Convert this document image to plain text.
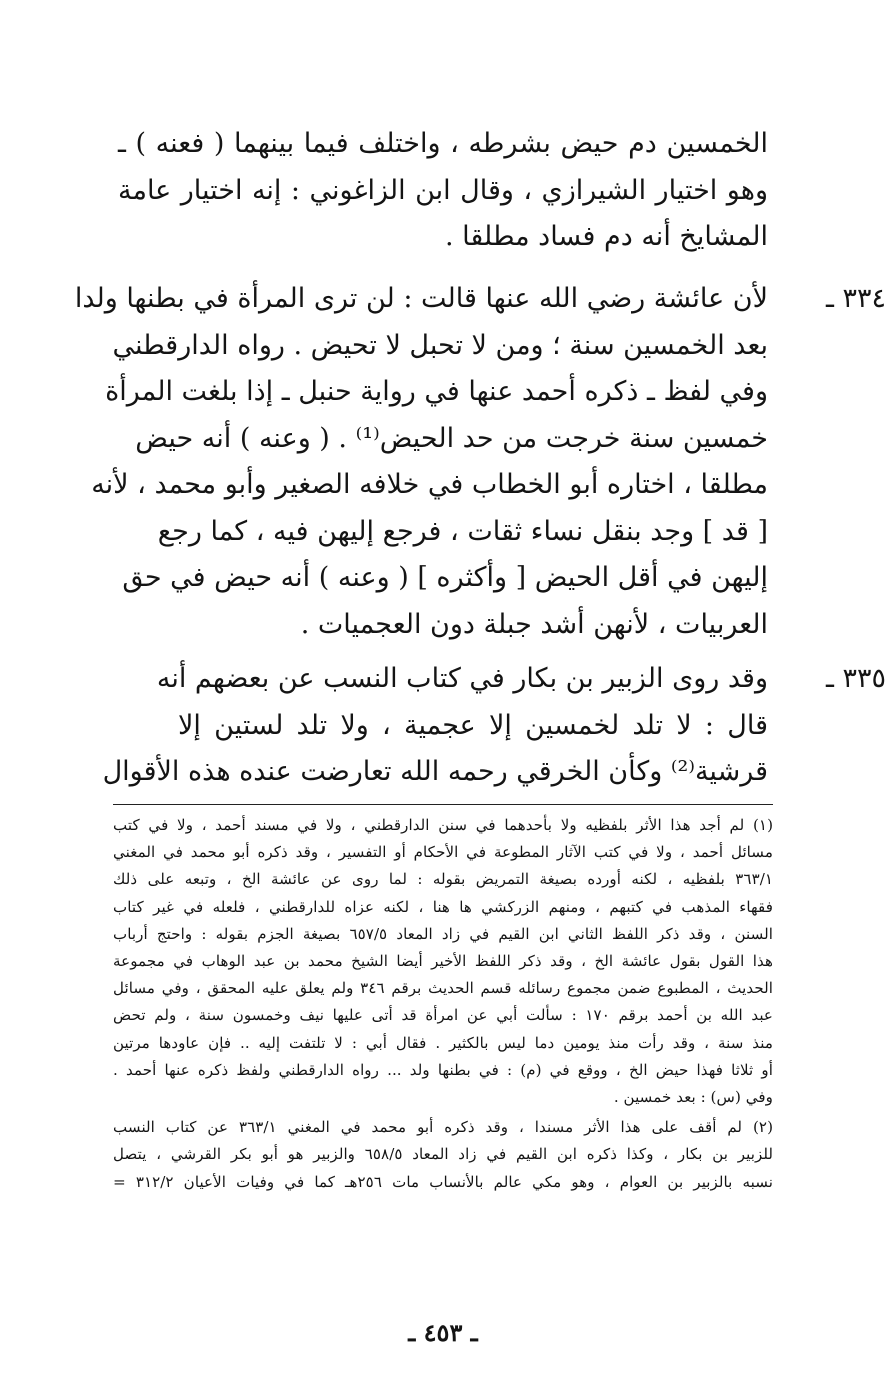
الخمسين دم حيض بشرطه ، واختلف فيما بينهما ( فعنه ) ـ
وهو اختيار الشيرازي ، وقال ابن الزاغوني : إنه اختيار عامة
المشايخ أنه دم فساد مطلقا .
٣٣٤ ـ
لأن عائشة رضي الله عنها قالت : لن ترى المرأة في بطنها ولدا
بعد الخمسين سنة ؛ ومن لا تحبل لا تحيض . رواه الدارقطني
وفي لفظ ـ ذكره أحمد عنها في رواية حنبل ـ إذا بلغت المرأة
خمسين سنة خرجت من حد الحيض⁽¹⁾ . ( وعنه ) أنه حيض
مطلقا ، اختاره أبو الخطاب في خلافه الصغير وأبو محمد ، لأنه
[ قد ] وجد بنقل نساء ثقات ، فرجع إليهن فيه ، كما رجع
إليهن في أقل الحيض [ وأكثره ] ( وعنه ) أنه حيض في حق
العربيات ، لأنهن أشد جبلة دون العجميات .
٣٣٥ ـ
وقد روى الزبير بن بكار في كتاب النسب عن بعضهم أنه
قال : لا تلد لخمسين إلا عجمية ، ولا تلد لستين إلا
قرشية⁽²⁾ وكأن الخرقي رحمه الله تعارضت عنده هذه الأقوال
(١) لم أجد هذا الأثر بلفظيه ولا بأحدهما في سنن الدارقطني ، ولا في مسند أحمد ، ولا في كتب
مسائل أحمد ، ولا في كتب الآثار المطوعة في الأحكام أو التفسير ، وقد ذكره أبو محمد في المغني
٣٦٣/١ بلفظيه ، لكنه أورده بصيغة التمريض بقوله : لما روى عن عائشة الخ ، وتبعه على ذلك
فقهاء المذهب في كتبهم ، ومنهم الزركشي ها هنا ، لكنه عزاه للدارقطني ، فلعله في غير كتاب
السنن ، وقد ذكر اللفظ الثاني ابن القيم في زاد المعاد ٦٥٧/٥ بصيغة الجزم بقوله : واحتج أرباب
هذا القول بقول عائشة الخ ، وقد ذكر اللفظ الأخير أيضا الشيخ محمد بن عبد الوهاب في مجموعة
الحديث ، المطبوع ضمن مجموع رسائله قسم الحديث برقم ٣٤٦ ولم يعلق عليه المحقق ، وفي مسائل
عبد الله بن أحمد برقم ١٧٠ : سألت أبي عن امرأة قد أتى عليها نيف وخمسون سنة ، ولم تحض
منذ سنة ، وقد رأت منذ يومين دما ليس بالكثير . فقال أبي : لا تلتفت إليه .. فإن عاودها مرتين
أو ثلاثا فهذا حيض الخ ، ووقع في (م) : في بطنها ولد ... رواه الدارقطني ولفظ ذكره عنها أحمد .
وفي (س) : بعد خمسين .
(٢) لم أقف على هذا الأثر مسندا ، وقد ذكره أبو محمد في المغني ٣٦٣/١ عن كتاب النسب
للزبير بن بكار ، وكذا ذكره ابن القيم في زاد المعاد ٦٥٨/٥ والزبير هو أبو بكر القرشي ، يتصل
نسبه بالزبير بن العوام ، وهو مكي عالم بالأنساب مات ٢٥٦هـ كما في وفيات الأعيان ٣١٢/٢ =
ـ ٤٥٣ ـ
